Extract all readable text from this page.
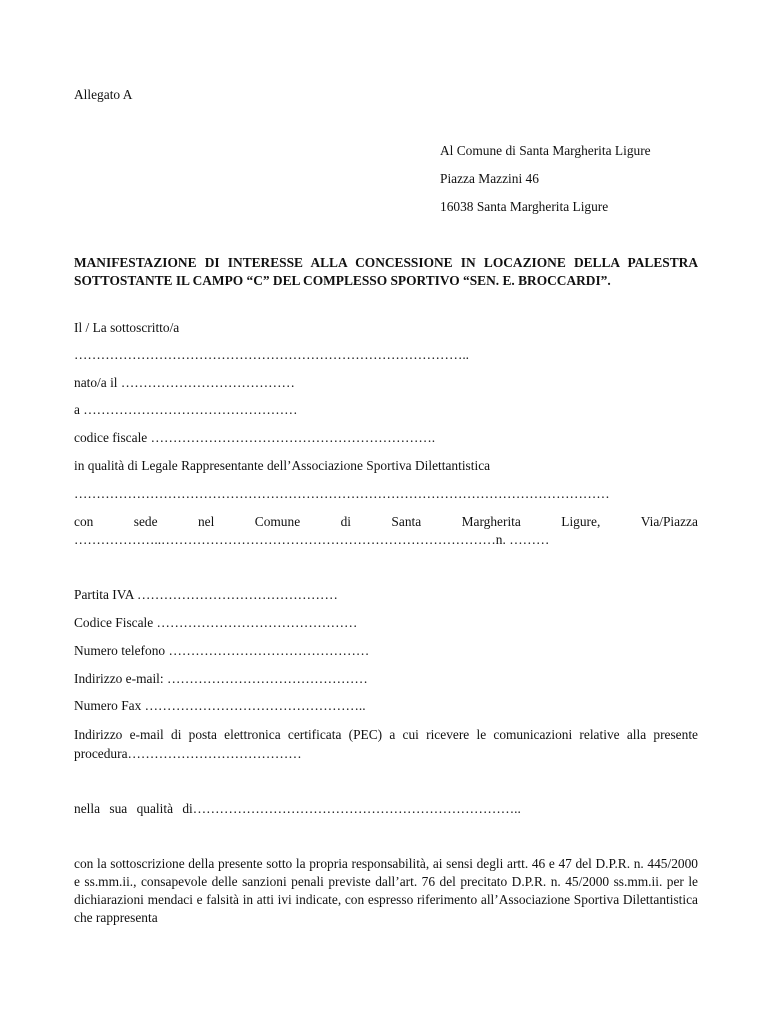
Allegato A
Al Comune di Santa Margherita Ligure
Piazza Mazzini 46
16038 Santa Margherita Ligure
MANIFESTAZIONE DI INTERESSE ALLA CONCESSIONE IN LOCAZIONE DELLA PALESTRA SOTTOSTANTE IL CAMPO “C” DEL COMPLESSO SPORTIVO “SEN. E. BROCCARDI”.
Il / La sottoscritto/a
……………………………………………………………………………..
nato/a il …………………………………
a …………………………………………
codice fiscale ……………………………………………………….
in qualità di Legale Rappresentante dell’Associazione Sportiva Dilettantistica
…………………………………………………………………………………………………………
con	sede	nel	Comune	di	Santa	Margherita	Ligure,	Via/Piazza
………………..…………………………………………………………………n. ………
Partita IVA ………………………………………
Codice Fiscale ………………………………………
Numero telefono ………………………………………
Indirizzo e-mail: ………………………………………
Numero Fax …………………………………………..
Indirizzo e-mail di posta elettronica certificata (PEC) a cui ricevere le comunicazioni relative alla presente procedura…………………………………
nella sua qualità di………………………………………………………………..
con la sottoscrizione della presente sotto la propria responsabilità, ai sensi degli artt. 46 e 47 del D.P.R. n. 445/2000 e ss.mm.ii., consapevole delle sanzioni penali previste dall’art. 76 del precitato D.P.R. n. 45/2000 ss.mm.ii. per le dichiarazioni mendaci e falsità in atti ivi indicate, con espresso riferimento all’Associazione Sportiva Dilettantistica che rappresenta
